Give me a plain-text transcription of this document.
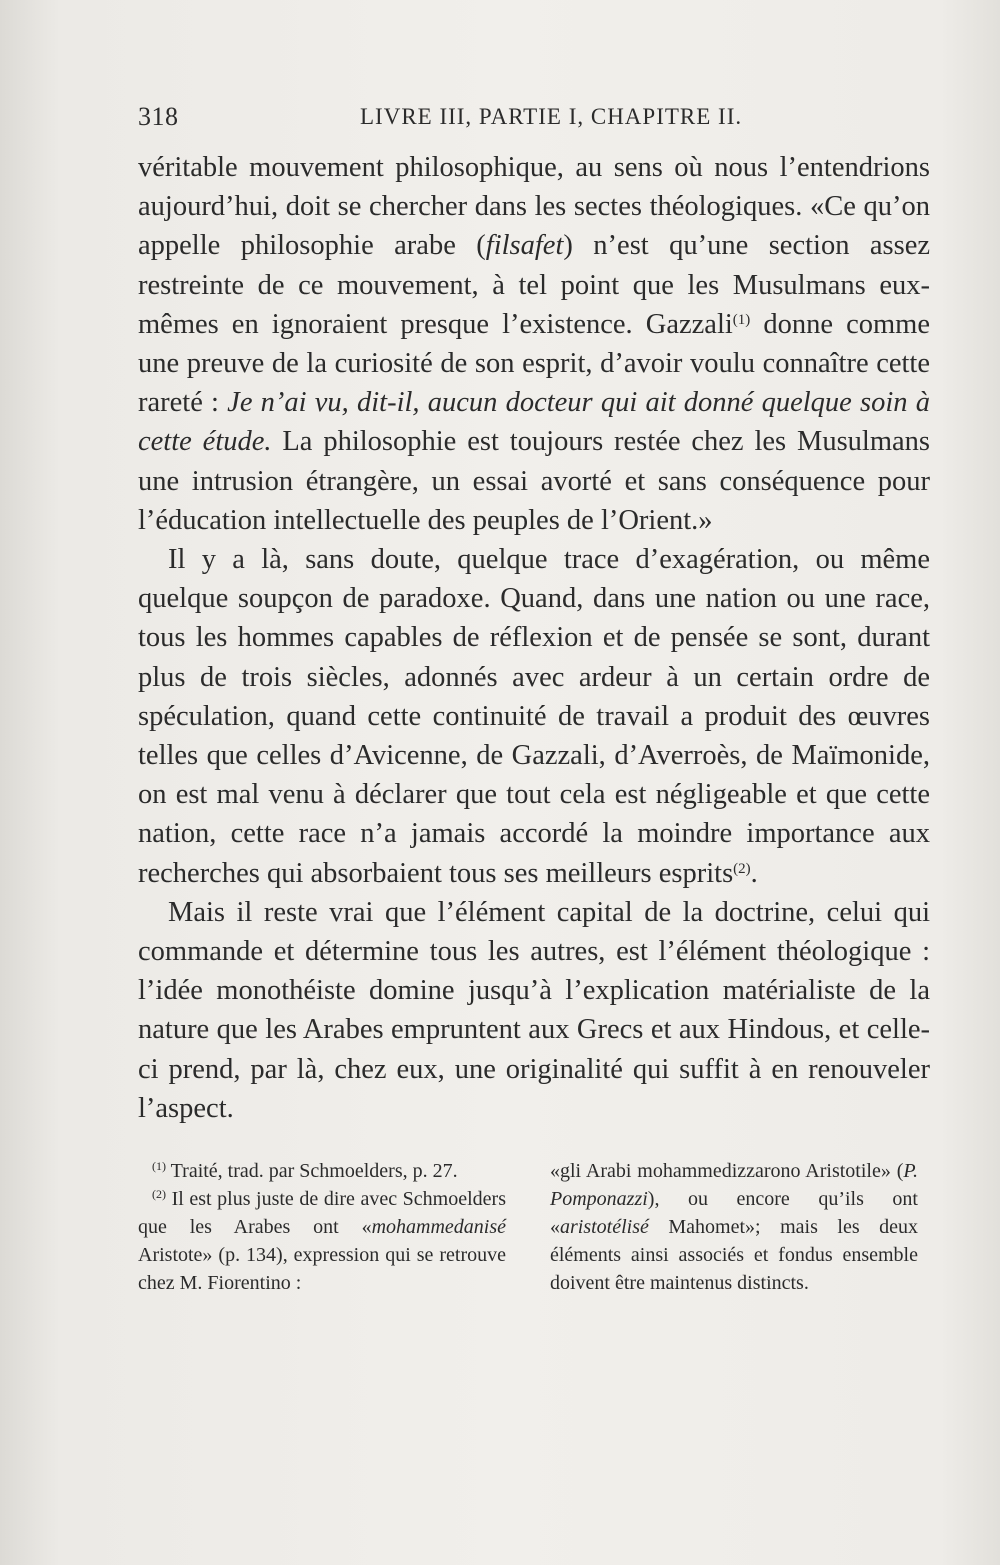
318	LIVRE III, PARTIE I, CHAPITRE II.

véritable mouvement philosophique, au sens où nous l’entendrions aujourd’hui, doit se chercher dans les sectes théologiques. «Ce qu’on appelle philosophie arabe (filsafet) n’est qu’une section assez restreinte de ce mouvement, à tel point que les Musulmans eux-mêmes en ignoraient presque l’existence. Gazzali$^{(1)}$ donne comme une preuve de la curiosité de son esprit, d’avoir voulu connaître cette rareté : Je n’ai vu, dit-il, aucun docteur qui ait donné quelque soin à cette étude. La philosophie est toujours restée chez les Musulmans une intrusion étrangère, un essai avorté et sans conséquence pour l’éducation intellectuelle des peuples de l’Orient.»

Il y a là, sans doute, quelque trace d’exagération, ou même quelque soupçon de paradoxe. Quand, dans une nation ou une race, tous les hommes capables de réflexion et de pensée se sont, durant plus de trois siècles, adonnés avec ardeur à un certain ordre de spéculation, quand cette continuité de travail a produit des œuvres telles que celles d’Avicenne, de Gazzali, d’Averroès, de Maïmonide, on est mal venu à déclarer que tout cela est négligeable et que cette nation, cette race n’a jamais accordé la moindre importance aux recherches qui absorbaient tous ses meilleurs esprits$^{(2)}$.

Mais il reste vrai que l’élément capital de la doctrine, celui qui commande et détermine tous les autres, est l’élément théologique : l’idée monothéiste domine jusqu’à l’explication matérialiste de la nature que les Arabes empruntent aux Grecs et aux Hindous, et celle-ci prend, par là, chez eux, une originalité qui suffit à en renouveler l’aspect.

$^{(1)}$ Traité, trad. par Schmoelders, p. 27.

$^{(2)}$ Il est plus juste de dire avec Schmoelders que les Arabes ont «mohammedanisé Aristote» (p. 134), expression qui se retrouve chez M. Fiorentino :

«gli Arabi mohammedizzarono Aristotile» (P. Pomponazzi), ou encore qu’ils ont «aristotélisé Mahomet»; mais les deux éléments ainsi associés et fondus ensemble doivent être maintenus distincts.
